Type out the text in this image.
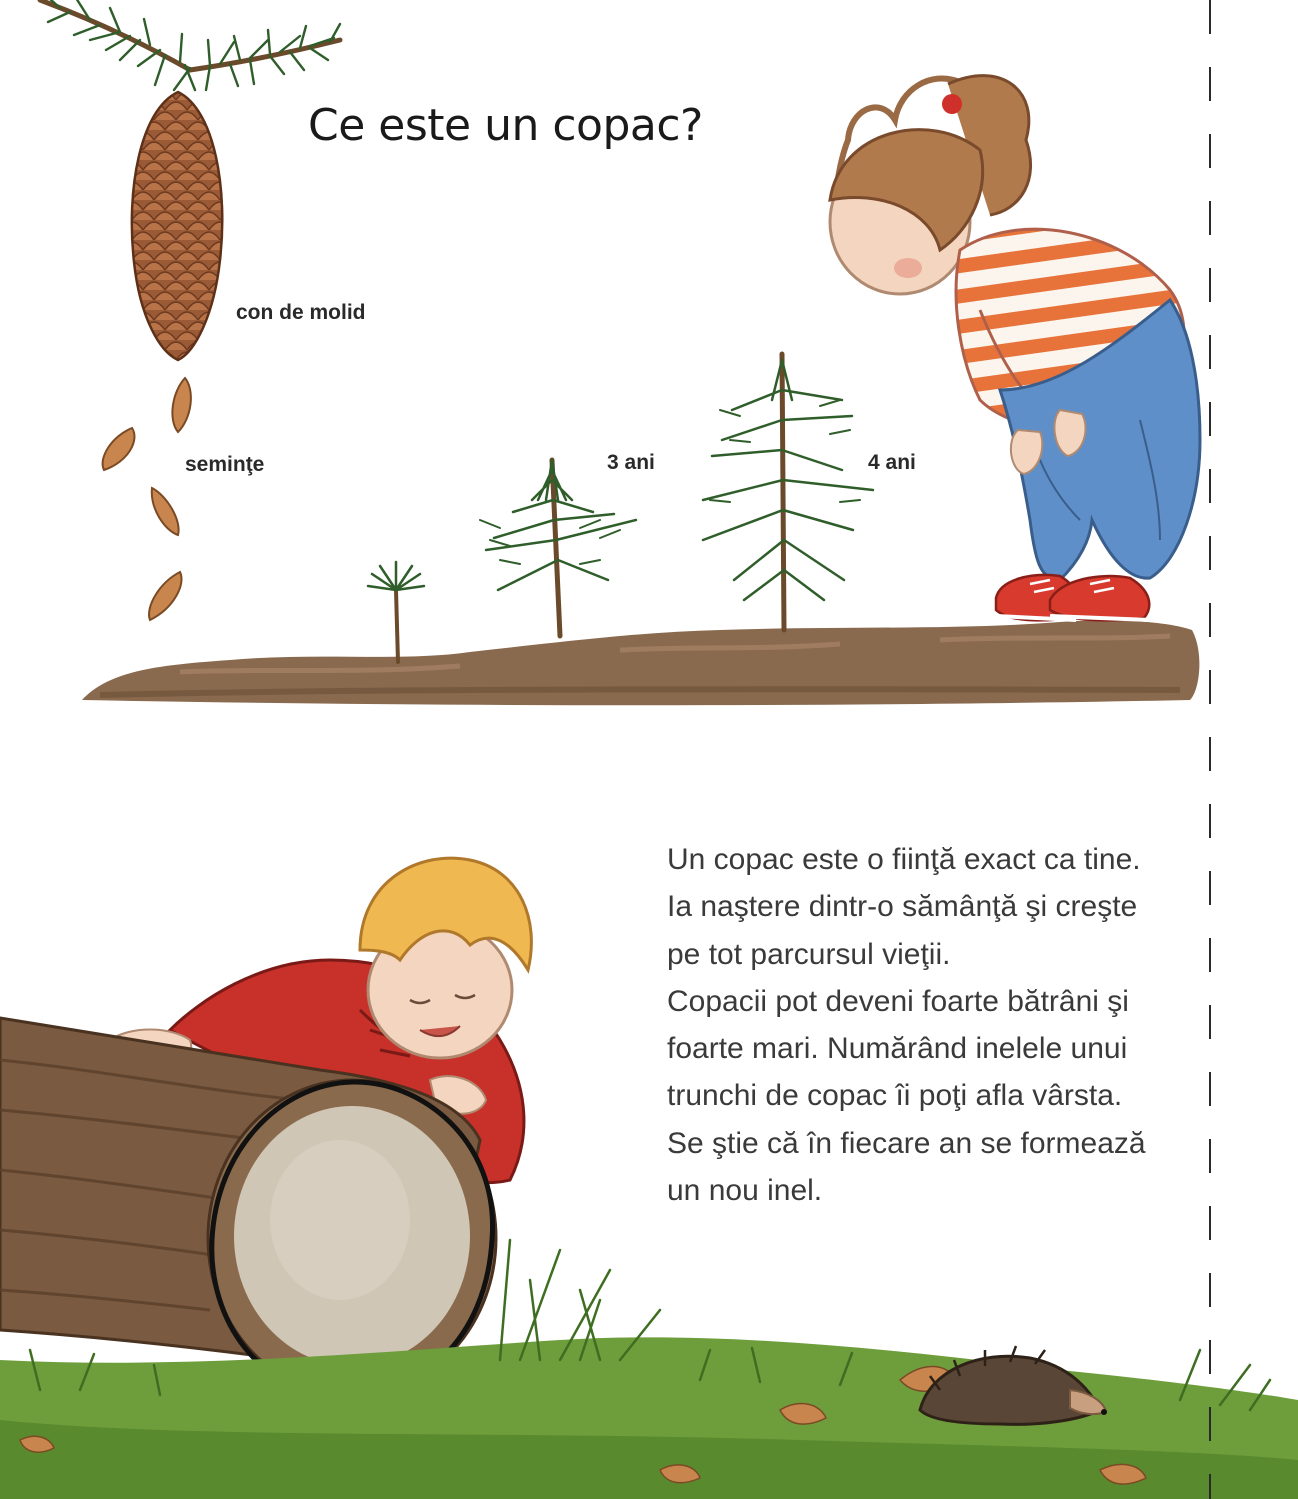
Ce este un copac?
con de molid
seminţe	3 ani	4 ani
Un copac este o fiinţă exact ca tine.
Ia naştere dintr-o sămânţă şi creşte
pe tot parcursul vieţii.
Copacii pot deveni foarte bătrâni şi
foarte mari. Numărând inelele unui
trunchi de copac îi poţi afla vârsta.
Se ştie că în fiecare an se formează
un nou inel.
